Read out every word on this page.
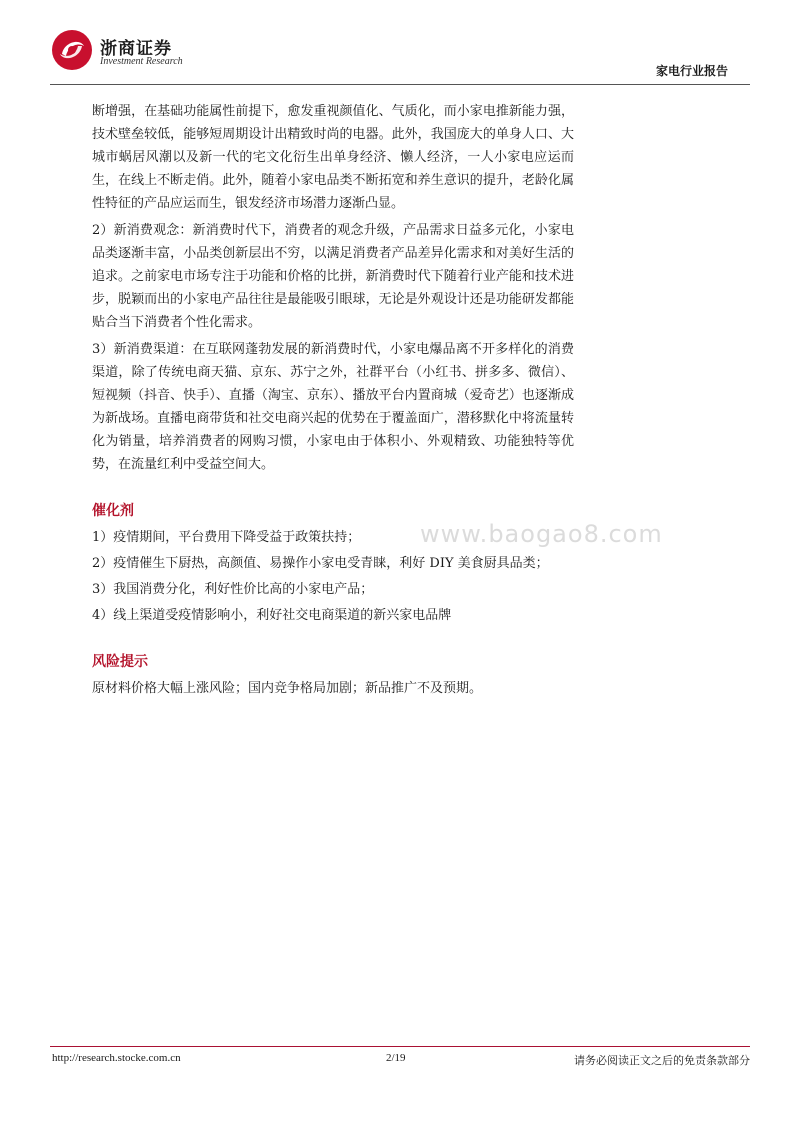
浙商证券
Investment Research
家电行业报告

断增强，在基础功能属性前提下，愈发重视颜值化、气质化，而小家电推新能力强，技术壁垒较低，能够短周期设计出精致时尚的电器。此外，我国庞大的单身人口、大城市蜗居风潮以及新一代的宅文化衍生出单身经济、懒人经济，一人小家电应运而生，在线上不断走俏。此外，随着小家电品类不断拓宽和养生意识的提升，老龄化属性特征的产品应运而生，银发经济市场潜力逐渐凸显。

2）新消费观念：新消费时代下，消费者的观念升级，产品需求日益多元化，小家电品类逐渐丰富，小品类创新层出不穷，以满足消费者产品差异化需求和对美好生活的追求。之前家电市场专注于功能和价格的比拼，新消费时代下随着行业产能和技术进步，脱颖而出的小家电产品往往是最能吸引眼球，无论是外观设计还是功能研发都能贴合当下消费者个性化需求。

3）新消费渠道：在互联网蓬勃发展的新消费时代，小家电爆品离不开多样化的消费渠道，除了传统电商天猫、京东、苏宁之外，社群平台（小红书、拼多多、微信）、短视频（抖音、快手）、直播（淘宝、京东）、播放平台内置商城（爱奇艺）也逐渐成为新战场。直播电商带货和社交电商兴起的优势在于覆盖面广，潜移默化中将流量转化为销量，培养消费者的网购习惯，小家电由于体积小、外观精致、功能独特等优势，在流量红利中受益空间大。

催化剂
1）疫情期间，平台费用下降受益于政策扶持；
2）疫情催生下厨热，高颜值、易操作小家电受青睐，利好 DIY 美食厨具品类；
3）我国消费分化，利好性价比高的小家电产品；
4）线上渠道受疫情影响小，利好社交电商渠道的新兴家电品牌
风险提示
原材料价格大幅上涨风险；国内竞争格局加剧；新品推广不及预期。
www.baogao8.com
http://research.stocke.com.cn	2/19	请务必阅读正文之后的免责条款部分
